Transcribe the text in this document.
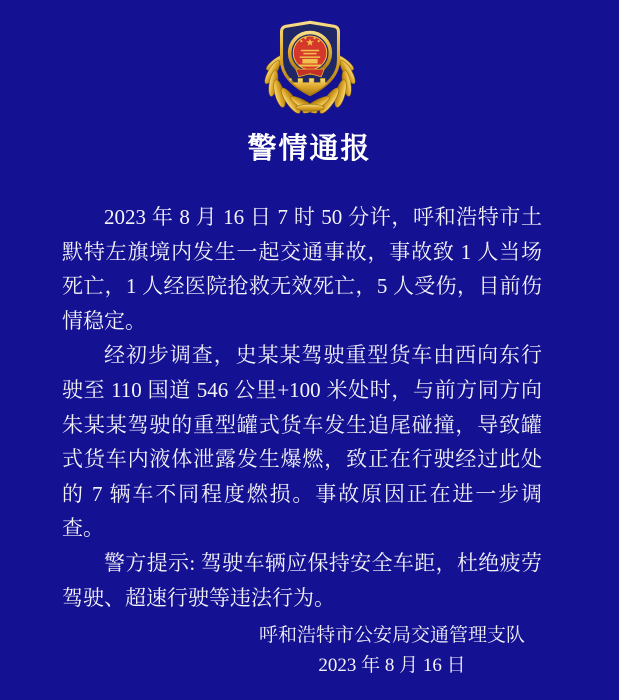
警情通报

2023 年 8 月 16 日 7 时 50 分许，呼和浩特市土默特左旗境内发生一起交通事故，事故致 1 人当场死亡，1 人经医院抢救无效死亡，5 人受伤，目前伤情稳定。

经初步调查，史某某驾驶重型货车由西向东行驶至 110 国道 546 公里+100 米处时，与前方同方向朱某某驾驶的重型罐式货车发生追尾碰撞，导致罐式货车内液体泄露发生爆燃，致正在行驶经过此处的 7 辆车不同程度燃损。事故原因正在进一步调查。

警方提示: 驾驶车辆应保持安全车距，杜绝疲劳驾驶、超速行驶等违法行为。

呼和浩特市公安局交通管理支队
2023 年 8 月 16 日
